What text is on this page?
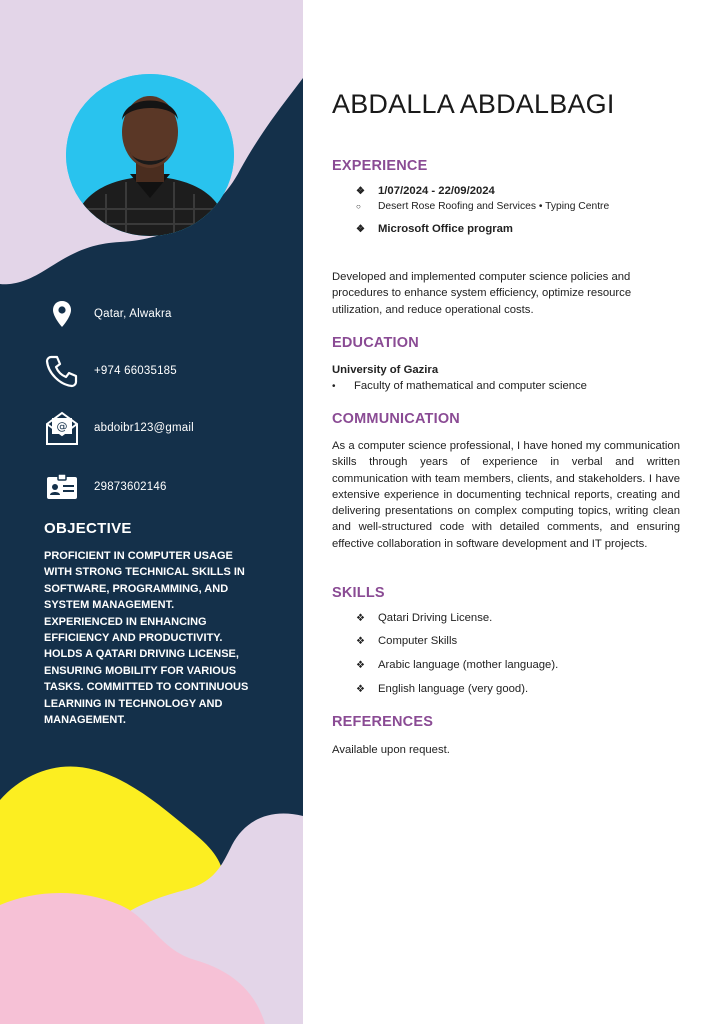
Qatar, Alwakra
+974 66035185
@ abdoibr123@gmail
29873602146
OBJECTIVE
PROFICIENT IN COMPUTER USAGE WITH STRONG TECHNICAL SKILLS IN SOFTWARE, PROGRAMMING, AND SYSTEM MANAGEMENT. EXPERIENCED IN ENHANCING EFFICIENCY AND PRODUCTIVITY. HOLDS A QATARI DRIVING LICENSE, ENSURING MOBILITY FOR VARIOUS TASKS. COMMITTED TO CONTINUOUS LEARNING IN TECHNOLOGY AND MANAGEMENT.
ABDALLA ABDALBAGI
EXPERIENCE
❖	1/07/2024 - 22/09/2024
○	Desert Rose Roofing and Services • Typing Centre
❖	Microsoft Office program
Developed and implemented computer science policies and procedures to enhance system efficiency, optimize resource utilization, and reduce operational costs.
EDUCATION
University of Gazira
•	Faculty of mathematical and computer science
COMMUNICATION
As a computer science professional, I have honed my communication skills through years of experience in verbal and written communication with team members, clients, and stakeholders. I have extensive experience in documenting technical reports, creating and delivering presentations on complex computing topics, writing clean and well-structured code with detailed comments, and ensuring effective collaboration in software development and IT projects.
SKILLS
❖	Qatari Driving License.
❖	Computer Skills
❖	Arabic language (mother language).
❖	English language (very good).
REFERENCES
Available upon request.
